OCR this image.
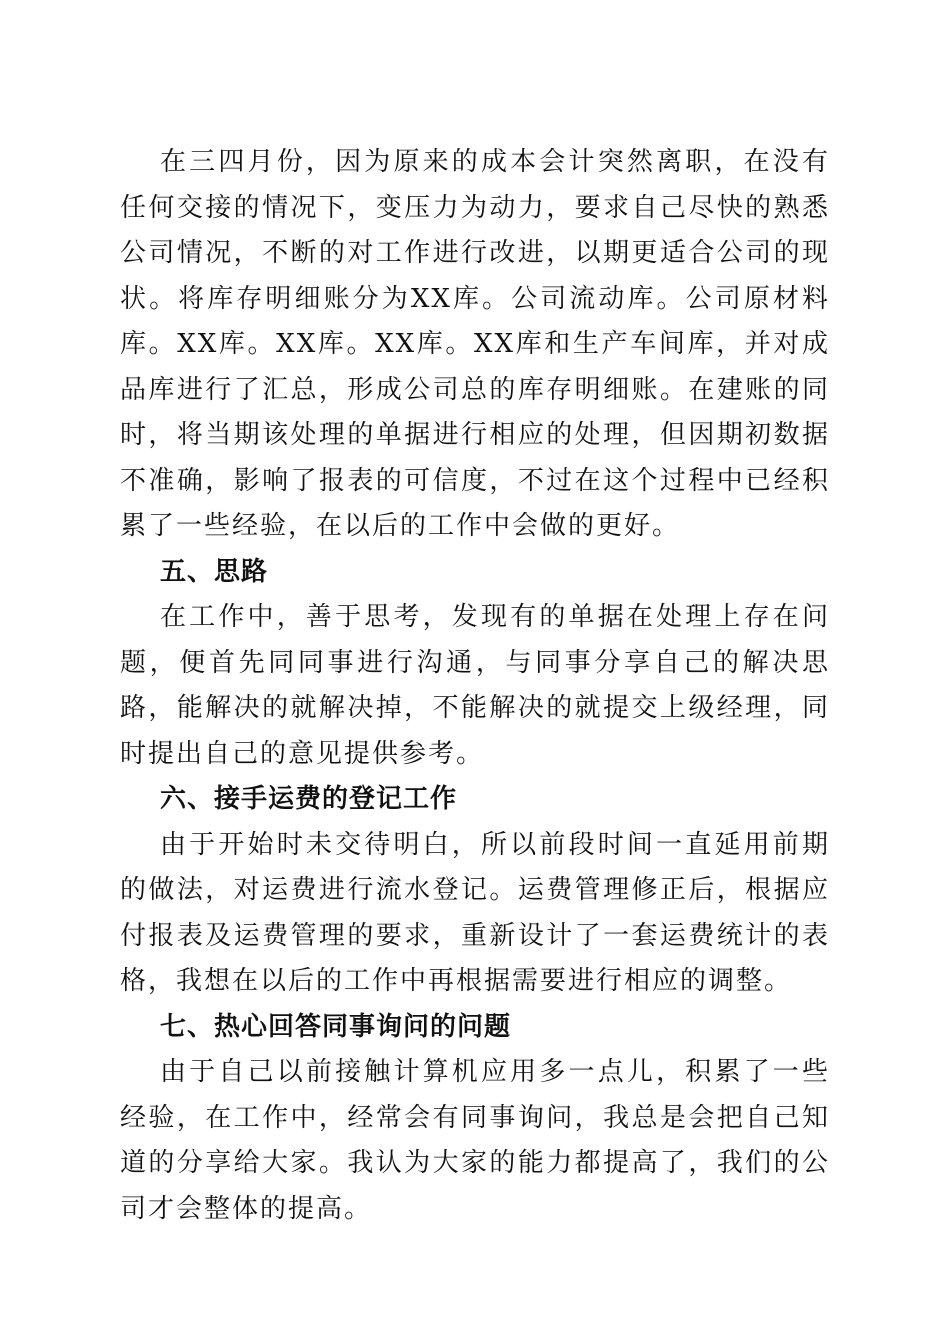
在三四月份，因为原来的成本会计突然离职，在没有任何交接的情况下，变压力为动力，要求自己尽快的熟悉公司情况，不断的对工作进行改进，以期更适合公司的现状。将库存明细账分为XX库。公司流动库。公司原材料库。XX库。XX库。XX库。XX库和生产车间库，并对成品库进行了汇总，形成公司总的库存明细账。在建账的同时，将当期该处理的单据进行相应的处理，但因期初数据不准确，影响了报表的可信度，不过在这个过程中已经积累了一些经验，在以后的工作中会做的更好。

五、思路

在工作中，善于思考，发现有的单据在处理上存在问题，便首先同同事进行沟通，与同事分享自己的解决思路，能解决的就解决掉，不能解决的就提交上级经理，同时提出自己的意见提供参考。

六、接手运费的登记工作

由于开始时未交待明白，所以前段时间一直延用前期的做法，对运费进行流水登记。运费管理修正后，根据应付报表及运费管理的要求，重新设计了一套运费统计的表格，我想在以后的工作中再根据需要进行相应的调整。

七、热心回答同事询问的问题

由于自己以前接触计算机应用多一点儿，积累了一些经验，在工作中，经常会有同事询问，我总是会把自己知道的分享给大家。我认为大家的能力都提高了，我们的公司才会整体的提高。
